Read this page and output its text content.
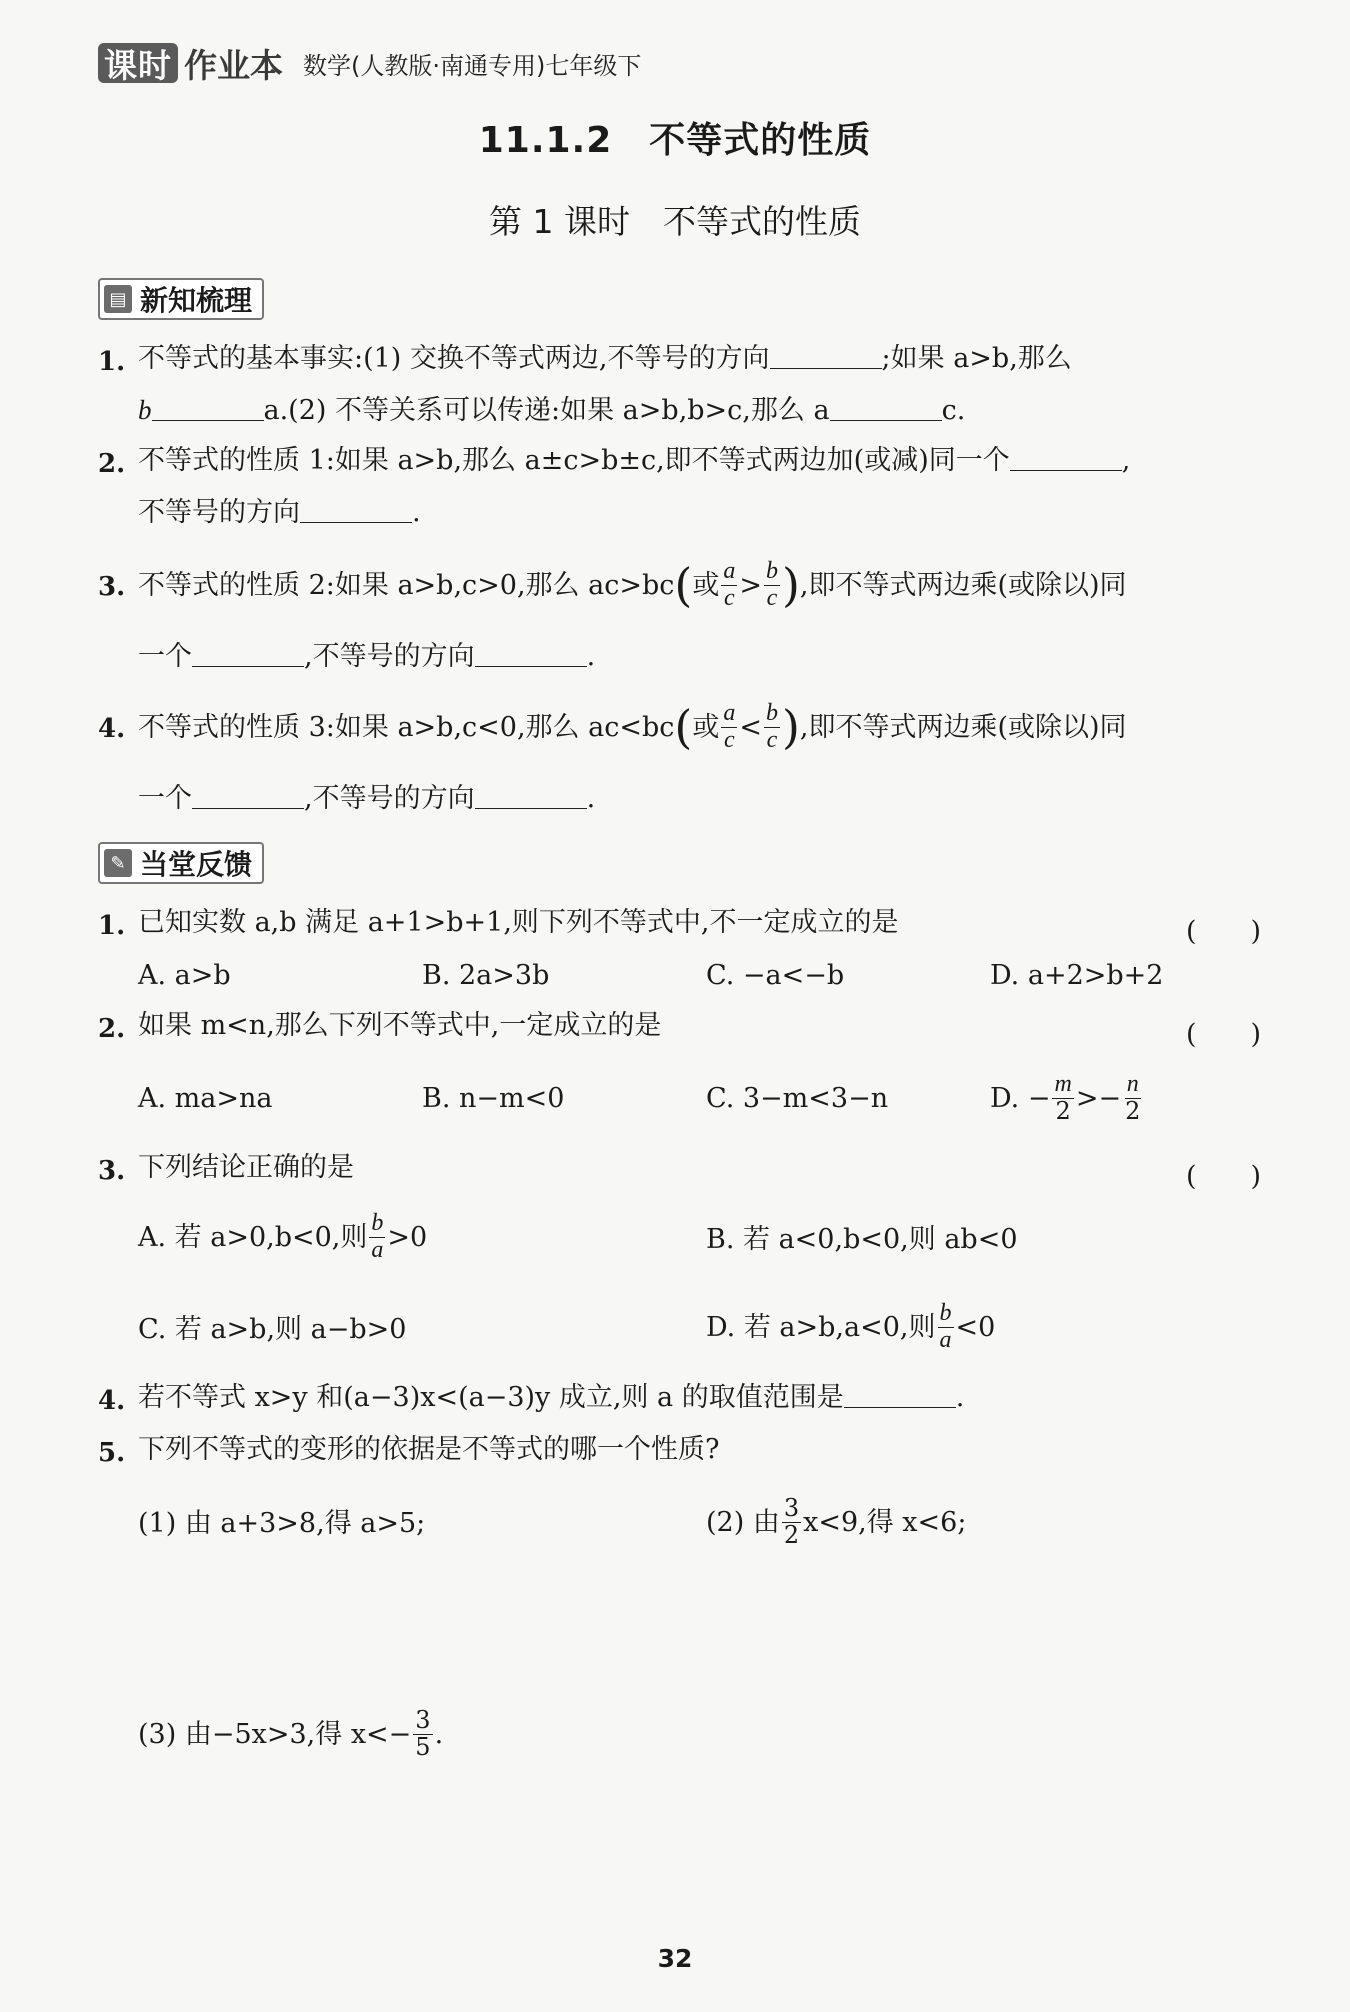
课时 作业本 数学(人教版·南通专用)七年级下
11.1.2　不等式的性质
第 1 课时　不等式的性质
▤ 新知梳理
1. 不等式的基本事实:(1) 交换不等式两边,不等号的方向	;如果 a>b,那么
b	a.(2) 不等关系可以传递:如果 a>b,b>c,那么 a	c.
2. 不等式的性质 1:如果 a>b,那么 a±c>b±c,即不等式两边加(或减)同一个	,
不等号的方向	.
3. 不等式的性质 2:如果 a>b,c>0,那么 ac>bc ( 或 $\frac{a}{c} > \frac{b}{c}$ ) ,即不等式两边乘(或除以)同
一个	,不等号的方向	.
4. 不等式的性质 3:如果 a>b,c<0,那么 ac<bc ( 或 $\frac{a}{c} < \frac{b}{c}$ ) ,即不等式两边乘(或除以)同
一个	,不等号的方向	.
✎ 当堂反馈
1. 已知实数 a,b 满足 a+1>b+1,则下列不等式中,不一定成立的是	(　　)
A. a>b	B. 2a>3b	C. −a<−b	D. a+2>b+2
2. 如果 m<n,那么下列不等式中,一定成立的是	(　　)
A. ma>na	B. n−m<0	C. 3−m<3−n	D. − $\frac{m}{2} >- \frac{n}{2}$
3. 下列结论正确的是	(　　)
A. 若 a>0,b<0,则 $\frac{b}{a} >0$	B. 若 a<0,b<0,则 ab<0
C. 若 a>b,则 a−b>0	D. 若 a>b,a<0,则 $\frac{b}{a} <0$
4. 若不等式 x>y 和(a−3)x<(a−3)y 成立,则 a 的取值范围是	.
5. 下列不等式的变形的依据是不等式的哪一个性质?
(1) 由 a+3>8,得 a>5;	(2) 由 $\frac{3}{2} x<9$,得 x<6;
(3) 由−5x>3,得 $x<- \frac{3}{5}$ .
32
